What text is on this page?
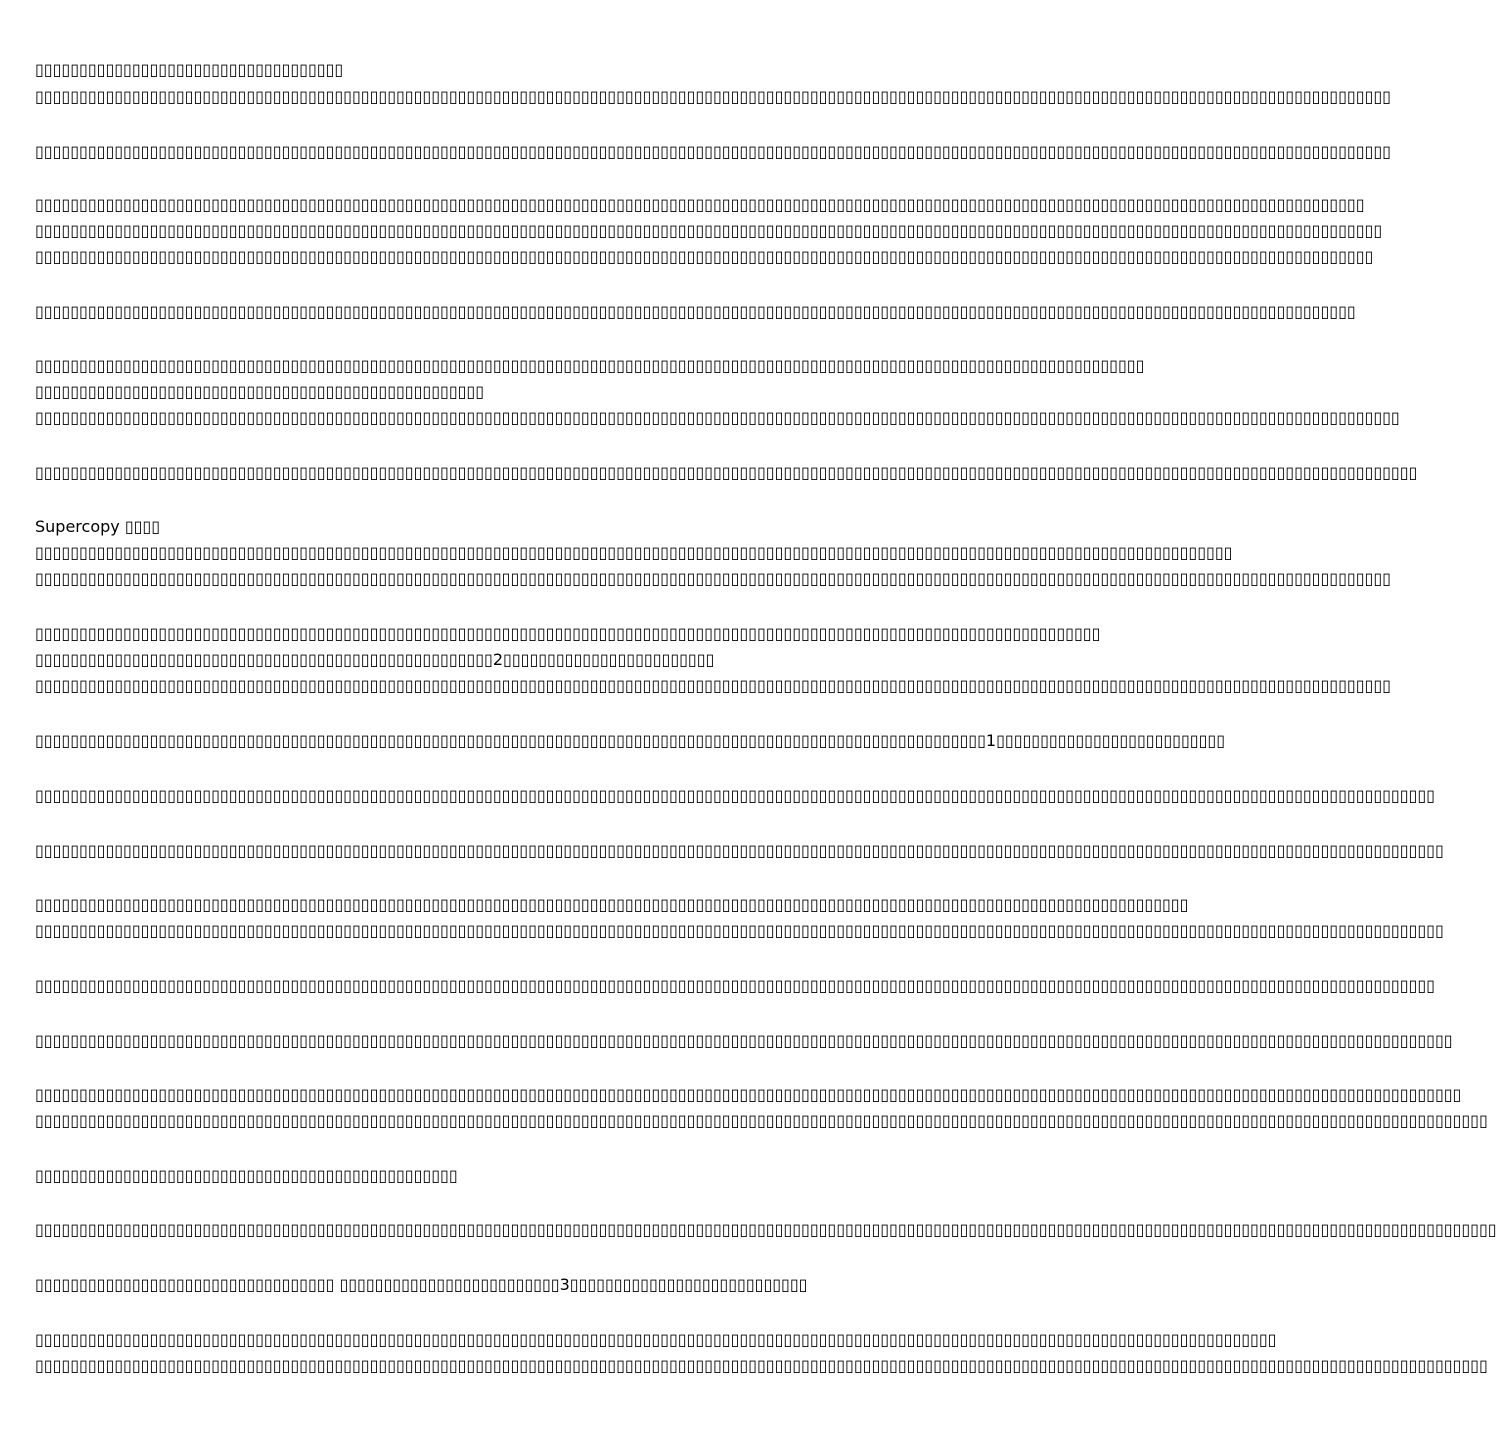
▯▯▯▯▯▯▯▯▯▯▯▯▯▯▯▯▯▯▯▯▯▯▯▯▯▯▯▯▯▯▯▯▯▯▯
▯▯▯▯▯▯▯▯▯▯▯▯▯▯▯▯▯▯▯▯▯▯▯▯▯▯▯▯▯▯▯▯▯▯▯▯▯▯▯▯▯▯▯▯▯▯▯▯▯▯▯▯▯▯▯▯▯▯▯▯▯▯▯▯▯▯▯▯▯▯▯▯▯▯▯▯▯▯▯▯▯▯▯▯▯▯▯▯▯▯▯▯▯▯▯▯▯▯▯▯▯▯▯▯▯▯▯▯▯▯▯▯▯▯▯▯▯▯▯▯▯▯▯▯▯▯▯▯▯▯▯▯▯▯▯▯▯▯▯▯▯▯▯▯▯▯▯▯▯▯▯▯▯▯
▯▯▯▯▯▯▯▯▯▯▯▯▯▯▯▯▯▯▯▯▯▯▯▯▯▯▯▯▯▯▯▯▯▯▯▯▯▯▯▯▯▯▯▯▯▯▯▯▯▯▯▯▯▯▯▯▯▯▯▯▯▯▯▯▯▯▯▯▯▯▯▯▯▯▯▯▯▯▯▯▯▯▯▯▯▯▯▯▯▯▯▯▯▯▯▯▯▯▯▯▯▯▯▯▯▯▯▯▯▯▯▯▯▯▯▯▯▯▯▯▯▯▯▯▯▯▯▯▯▯▯▯▯▯▯▯▯▯▯▯▯▯▯▯▯▯▯▯▯▯▯▯▯▯
▯▯▯▯▯▯▯▯▯▯▯▯▯▯▯▯▯▯▯▯▯▯▯▯▯▯▯▯▯▯▯▯▯▯▯▯▯▯▯▯▯▯▯▯▯▯▯▯▯▯▯▯▯▯▯▯▯▯▯▯▯▯▯▯▯▯▯▯▯▯▯▯▯▯▯▯▯▯▯▯▯▯▯▯▯▯▯▯▯▯▯▯▯▯▯▯▯▯▯▯▯▯▯▯▯▯▯▯▯▯▯▯▯▯▯▯▯▯▯▯▯▯▯▯▯▯▯▯▯▯▯▯▯▯▯▯▯▯▯▯▯▯▯▯▯▯▯▯▯▯▯
▯▯▯▯▯▯▯▯▯▯▯▯▯▯▯▯▯▯▯▯▯▯▯▯▯▯▯▯▯▯▯▯▯▯▯▯▯▯▯▯▯▯▯▯▯▯▯▯▯▯▯▯▯▯▯▯▯▯▯▯▯▯▯▯▯▯▯▯▯▯▯▯▯▯▯▯▯▯▯▯▯▯▯▯▯▯▯▯▯▯▯▯▯▯▯▯▯▯▯▯▯▯▯▯▯▯▯▯▯▯▯▯▯▯▯▯▯▯▯▯▯▯▯▯▯▯▯▯▯▯▯▯▯▯▯▯▯▯▯▯▯▯▯▯▯▯▯▯▯▯▯▯▯
▯▯▯▯▯▯▯▯▯▯▯▯▯▯▯▯▯▯▯▯▯▯▯▯▯▯▯▯▯▯▯▯▯▯▯▯▯▯▯▯▯▯▯▯▯▯▯▯▯▯▯▯▯▯▯▯▯▯▯▯▯▯▯▯▯▯▯▯▯▯▯▯▯▯▯▯▯▯▯▯▯▯▯▯▯▯▯▯▯▯▯▯▯▯▯▯▯▯▯▯▯▯▯▯▯▯▯▯▯▯▯▯▯▯▯▯▯▯▯▯▯▯▯▯▯▯▯▯▯▯▯▯▯▯▯▯▯▯▯▯▯▯▯▯▯▯▯▯▯▯▯▯
▯▯▯▯▯▯▯▯▯▯▯▯▯▯▯▯▯▯▯▯▯▯▯▯▯▯▯▯▯▯▯▯▯▯▯▯▯▯▯▯▯▯▯▯▯▯▯▯▯▯▯▯▯▯▯▯▯▯▯▯▯▯▯▯▯▯▯▯▯▯▯▯▯▯▯▯▯▯▯▯▯▯▯▯▯▯▯▯▯▯▯▯▯▯▯▯▯▯▯▯▯▯▯▯▯▯▯▯▯▯▯▯▯▯▯▯▯▯▯▯▯▯▯▯▯▯▯▯▯▯▯▯▯▯▯▯▯▯▯▯▯▯▯▯▯▯▯▯▯▯
▯▯▯▯▯▯▯▯▯▯▯▯▯▯▯▯▯▯▯▯▯▯▯▯▯▯▯▯▯▯▯▯▯▯▯▯▯▯▯▯▯▯▯▯▯▯▯▯▯▯▯▯▯▯▯▯▯▯▯▯▯▯▯▯▯▯▯▯▯▯▯▯▯▯▯▯▯▯▯▯▯▯▯▯▯▯▯▯▯▯▯▯▯▯▯▯▯▯▯▯▯▯▯▯▯▯▯▯▯▯▯▯▯▯▯▯▯▯▯▯▯▯▯▯▯▯
▯▯▯▯▯▯▯▯▯▯▯▯▯▯▯▯▯▯▯▯▯▯▯▯▯▯▯▯▯▯▯▯▯▯▯▯▯▯▯▯▯▯▯▯▯▯▯▯▯▯▯
▯▯▯▯▯▯▯▯▯▯▯▯▯▯▯▯▯▯▯▯▯▯▯▯▯▯▯▯▯▯▯▯▯▯▯▯▯▯▯▯▯▯▯▯▯▯▯▯▯▯▯▯▯▯▯▯▯▯▯▯▯▯▯▯▯▯▯▯▯▯▯▯▯▯▯▯▯▯▯▯▯▯▯▯▯▯▯▯▯▯▯▯▯▯▯▯▯▯▯▯▯▯▯▯▯▯▯▯▯▯▯▯▯▯▯▯▯▯▯▯▯▯▯▯▯▯▯▯▯▯▯▯▯▯▯▯▯▯▯▯▯▯▯▯▯▯▯▯▯▯▯▯▯▯▯
▯▯▯▯▯▯▯▯▯▯▯▯▯▯▯▯▯▯▯▯▯▯▯▯▯▯▯▯▯▯▯▯▯▯▯▯▯▯▯▯▯▯▯▯▯▯▯▯▯▯▯▯▯▯▯▯▯▯▯▯▯▯▯▯▯▯▯▯▯▯▯▯▯▯▯▯▯▯▯▯▯▯▯▯▯▯▯▯▯▯▯▯▯▯▯▯▯▯▯▯▯▯▯▯▯▯▯▯▯▯▯▯▯▯▯▯▯▯▯▯▯▯▯▯▯▯▯▯▯▯▯▯▯▯▯▯▯▯▯▯▯▯▯▯▯▯▯▯▯▯▯▯▯▯▯▯▯
Supercopy ▯▯▯▯
▯▯▯▯▯▯▯▯▯▯▯▯▯▯▯▯▯▯▯▯▯▯▯▯▯▯▯▯▯▯▯▯▯▯▯▯▯▯▯▯▯▯▯▯▯▯▯▯▯▯▯▯▯▯▯▯▯▯▯▯▯▯▯▯▯▯▯▯▯▯▯▯▯▯▯▯▯▯▯▯▯▯▯▯▯▯▯▯▯▯▯▯▯▯▯▯▯▯▯▯▯▯▯▯▯▯▯▯▯▯▯▯▯▯▯▯▯▯▯▯▯▯▯▯▯▯▯▯▯▯▯▯▯▯▯▯
▯▯▯▯▯▯▯▯▯▯▯▯▯▯▯▯▯▯▯▯▯▯▯▯▯▯▯▯▯▯▯▯▯▯▯▯▯▯▯▯▯▯▯▯▯▯▯▯▯▯▯▯▯▯▯▯▯▯▯▯▯▯▯▯▯▯▯▯▯▯▯▯▯▯▯▯▯▯▯▯▯▯▯▯▯▯▯▯▯▯▯▯▯▯▯▯▯▯▯▯▯▯▯▯▯▯▯▯▯▯▯▯▯▯▯▯▯▯▯▯▯▯▯▯▯▯▯▯▯▯▯▯▯▯▯▯▯▯▯▯▯▯▯▯▯▯▯▯▯▯▯▯▯▯
▯▯▯▯▯▯▯▯▯▯▯▯▯▯▯▯▯▯▯▯▯▯▯▯▯▯▯▯▯▯▯▯▯▯▯▯▯▯▯▯▯▯▯▯▯▯▯▯▯▯▯▯▯▯▯▯▯▯▯▯▯▯▯▯▯▯▯▯▯▯▯▯▯▯▯▯▯▯▯▯▯▯▯▯▯▯▯▯▯▯▯▯▯▯▯▯▯▯▯▯▯▯▯▯▯▯▯▯▯▯▯▯▯▯▯▯▯▯▯▯▯
▯▯▯▯▯▯▯▯▯▯▯▯▯▯▯▯▯▯▯▯▯▯▯▯▯▯▯▯▯▯▯▯▯▯▯▯▯▯▯▯▯▯▯▯▯▯▯▯▯▯▯▯2▯▯▯▯▯▯▯▯▯▯▯▯▯▯▯▯▯▯▯▯▯▯▯▯
▯▯▯▯▯▯▯▯▯▯▯▯▯▯▯▯▯▯▯▯▯▯▯▯▯▯▯▯▯▯▯▯▯▯▯▯▯▯▯▯▯▯▯▯▯▯▯▯▯▯▯▯▯▯▯▯▯▯▯▯▯▯▯▯▯▯▯▯▯▯▯▯▯▯▯▯▯▯▯▯▯▯▯▯▯▯▯▯▯▯▯▯▯▯▯▯▯▯▯▯▯▯▯▯▯▯▯▯▯▯▯▯▯▯▯▯▯▯▯▯▯▯▯▯▯▯▯▯▯▯▯▯▯▯▯▯▯▯▯▯▯▯▯▯▯▯▯▯▯▯▯▯▯▯
▯▯▯▯▯▯▯▯▯▯▯▯▯▯▯▯▯▯▯▯▯▯▯▯▯▯▯▯▯▯▯▯▯▯▯▯▯▯▯▯▯▯▯▯▯▯▯▯▯▯▯▯▯▯▯▯▯▯▯▯▯▯▯▯▯▯▯▯▯▯▯▯▯▯▯▯▯▯▯▯▯▯▯▯▯▯▯▯▯▯▯▯▯▯▯▯▯▯▯▯▯▯▯▯▯▯▯▯1▯▯▯▯▯▯▯▯▯▯▯▯▯▯▯▯▯▯▯▯▯▯▯▯▯▯
▯▯▯▯▯▯▯▯▯▯▯▯▯▯▯▯▯▯▯▯▯▯▯▯▯▯▯▯▯▯▯▯▯▯▯▯▯▯▯▯▯▯▯▯▯▯▯▯▯▯▯▯▯▯▯▯▯▯▯▯▯▯▯▯▯▯▯▯▯▯▯▯▯▯▯▯▯▯▯▯▯▯▯▯▯▯▯▯▯▯▯▯▯▯▯▯▯▯▯▯▯▯▯▯▯▯▯▯▯▯▯▯▯▯▯▯▯▯▯▯▯▯▯▯▯▯▯▯▯▯▯▯▯▯▯▯▯▯▯▯▯▯▯▯▯▯▯▯▯▯▯▯▯▯▯▯▯▯▯
▯▯▯▯▯▯▯▯▯▯▯▯▯▯▯▯▯▯▯▯▯▯▯▯▯▯▯▯▯▯▯▯▯▯▯▯▯▯▯▯▯▯▯▯▯▯▯▯▯▯▯▯▯▯▯▯▯▯▯▯▯▯▯▯▯▯▯▯▯▯▯▯▯▯▯▯▯▯▯▯▯▯▯▯▯▯▯▯▯▯▯▯▯▯▯▯▯▯▯▯▯▯▯▯▯▯▯▯▯▯▯▯▯▯▯▯▯▯▯▯▯▯▯▯▯▯▯▯▯▯▯▯▯▯▯▯▯▯▯▯▯▯▯▯▯▯▯▯▯▯▯▯▯▯▯▯▯▯▯▯
▯▯▯▯▯▯▯▯▯▯▯▯▯▯▯▯▯▯▯▯▯▯▯▯▯▯▯▯▯▯▯▯▯▯▯▯▯▯▯▯▯▯▯▯▯▯▯▯▯▯▯▯▯▯▯▯▯▯▯▯▯▯▯▯▯▯▯▯▯▯▯▯▯▯▯▯▯▯▯▯▯▯▯▯▯▯▯▯▯▯▯▯▯▯▯▯▯▯▯▯▯▯▯▯▯▯▯▯▯▯▯▯▯▯▯▯▯▯▯▯▯▯▯▯▯▯▯▯▯▯▯
▯▯▯▯▯▯▯▯▯▯▯▯▯▯▯▯▯▯▯▯▯▯▯▯▯▯▯▯▯▯▯▯▯▯▯▯▯▯▯▯▯▯▯▯▯▯▯▯▯▯▯▯▯▯▯▯▯▯▯▯▯▯▯▯▯▯▯▯▯▯▯▯▯▯▯▯▯▯▯▯▯▯▯▯▯▯▯▯▯▯▯▯▯▯▯▯▯▯▯▯▯▯▯▯▯▯▯▯▯▯▯▯▯▯▯▯▯▯▯▯▯▯▯▯▯▯▯▯▯▯▯▯▯▯▯▯▯▯▯▯▯▯▯▯▯▯▯▯▯▯▯▯▯▯▯▯▯▯▯▯
▯▯▯▯▯▯▯▯▯▯▯▯▯▯▯▯▯▯▯▯▯▯▯▯▯▯▯▯▯▯▯▯▯▯▯▯▯▯▯▯▯▯▯▯▯▯▯▯▯▯▯▯▯▯▯▯▯▯▯▯▯▯▯▯▯▯▯▯▯▯▯▯▯▯▯▯▯▯▯▯▯▯▯▯▯▯▯▯▯▯▯▯▯▯▯▯▯▯▯▯▯▯▯▯▯▯▯▯▯▯▯▯▯▯▯▯▯▯▯▯▯▯▯▯▯▯▯▯▯▯▯▯▯▯▯▯▯▯▯▯▯▯▯▯▯▯▯▯▯▯▯▯▯▯▯▯▯▯▯
▯▯▯▯▯▯▯▯▯▯▯▯▯▯▯▯▯▯▯▯▯▯▯▯▯▯▯▯▯▯▯▯▯▯▯▯▯▯▯▯▯▯▯▯▯▯▯▯▯▯▯▯▯▯▯▯▯▯▯▯▯▯▯▯▯▯▯▯▯▯▯▯▯▯▯▯▯▯▯▯▯▯▯▯▯▯▯▯▯▯▯▯▯▯▯▯▯▯▯▯▯▯▯▯▯▯▯▯▯▯▯▯▯▯▯▯▯▯▯▯▯▯▯▯▯▯▯▯▯▯▯▯▯▯▯▯▯▯▯▯▯▯▯▯▯▯▯▯▯▯▯▯▯▯▯▯▯▯▯▯▯
▯▯▯▯▯▯▯▯▯▯▯▯▯▯▯▯▯▯▯▯▯▯▯▯▯▯▯▯▯▯▯▯▯▯▯▯▯▯▯▯▯▯▯▯▯▯▯▯▯▯▯▯▯▯▯▯▯▯▯▯▯▯▯▯▯▯▯▯▯▯▯▯▯▯▯▯▯▯▯▯▯▯▯▯▯▯▯▯▯▯▯▯▯▯▯▯▯▯▯▯▯▯▯▯▯▯▯▯▯▯▯▯▯▯▯▯▯▯▯▯▯▯▯▯▯▯▯▯▯▯▯▯▯▯▯▯▯▯▯▯▯▯▯▯▯▯▯▯▯▯▯▯▯▯▯▯▯▯▯▯▯▯
▯▯▯▯▯▯▯▯▯▯▯▯▯▯▯▯▯▯▯▯▯▯▯▯▯▯▯▯▯▯▯▯▯▯▯▯▯▯▯▯▯▯▯▯▯▯▯▯▯▯▯▯▯▯▯▯▯▯▯▯▯▯▯▯▯▯▯▯▯▯▯▯▯▯▯▯▯▯▯▯▯▯▯▯▯▯▯▯▯▯▯▯▯▯▯▯▯▯▯▯▯▯▯▯▯▯▯▯▯▯▯▯▯▯▯▯▯▯▯▯▯▯▯▯▯▯▯▯▯▯▯▯▯▯▯▯▯▯▯▯▯▯▯▯▯▯▯▯▯▯▯▯▯▯▯▯▯▯▯▯▯▯▯▯▯
▯▯▯▯▯▯▯▯▯▯▯▯▯▯▯▯▯▯▯▯▯▯▯▯▯▯▯▯▯▯▯▯▯▯▯▯▯▯▯▯▯▯▯▯▯▯▯▯
▯▯▯▯▯▯▯▯▯▯▯▯▯▯▯▯▯▯▯▯▯▯▯▯▯▯▯▯▯▯▯▯▯▯▯▯▯▯▯▯▯▯▯▯▯▯▯▯▯▯▯▯▯▯▯▯▯▯▯▯▯▯▯▯▯▯▯▯▯▯▯▯▯▯▯▯▯▯▯▯▯▯▯▯▯▯▯▯▯▯▯▯▯▯▯▯▯▯▯▯▯▯▯▯▯▯▯▯▯▯▯▯▯▯▯▯▯▯▯▯▯▯▯▯▯▯▯▯▯▯▯▯▯▯▯▯▯▯▯▯▯▯▯▯▯▯▯▯▯▯▯▯▯▯▯▯▯▯▯▯▯▯▯▯▯▯
▯▯▯▯▯▯▯▯▯▯▯▯▯▯▯▯▯▯▯▯▯▯▯▯▯▯▯▯▯▯▯▯▯▯ ▯▯▯▯▯▯▯▯▯▯▯▯▯▯▯▯▯▯▯▯▯▯▯▯▯3▯▯▯▯▯▯▯▯▯▯▯▯▯▯▯▯▯▯▯▯▯▯▯▯▯▯▯
▯▯▯▯▯▯▯▯▯▯▯▯▯▯▯▯▯▯▯▯▯▯▯▯▯▯▯▯▯▯▯▯▯▯▯▯▯▯▯▯▯▯▯▯▯▯▯▯▯▯▯▯▯▯▯▯▯▯▯▯▯▯▯▯▯▯▯▯▯▯▯▯▯▯▯▯▯▯▯▯▯▯▯▯▯▯▯▯▯▯▯▯▯▯▯▯▯▯▯▯▯▯▯▯▯▯▯▯▯▯▯▯▯▯▯▯▯▯▯▯▯▯▯▯▯▯▯▯▯▯▯▯▯▯▯▯▯▯▯▯▯
▯▯▯▯▯▯▯▯▯▯▯▯▯▯▯▯▯▯▯▯▯▯▯▯▯▯▯▯▯▯▯▯▯▯▯▯▯▯▯▯▯▯▯▯▯▯▯▯▯▯▯▯▯▯▯▯▯▯▯▯▯▯▯▯▯▯▯▯▯▯▯▯▯▯▯▯▯▯▯▯▯▯▯▯▯▯▯▯▯▯▯▯▯▯▯▯▯▯▯▯▯▯▯▯▯▯▯▯▯▯▯▯▯▯▯▯▯▯▯▯▯▯▯▯▯▯▯▯▯▯▯▯▯▯▯▯▯▯▯▯▯▯▯▯▯▯▯▯▯▯▯▯▯▯▯▯▯▯▯▯▯▯▯▯▯
